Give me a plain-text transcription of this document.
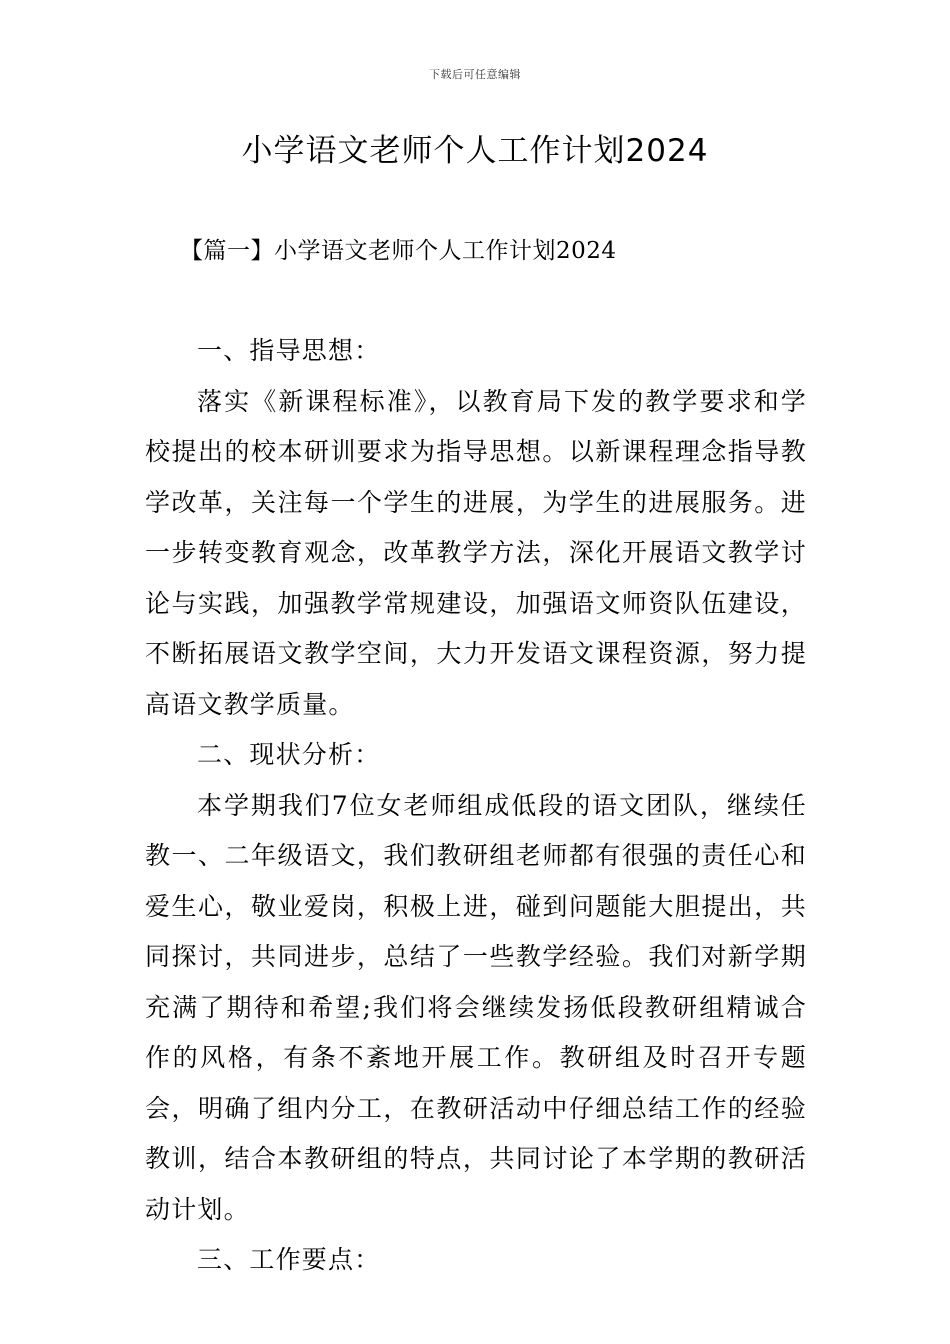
下载后可任意编辑
小学语文老师个人工作计划2024
【篇一】小学语文老师个人工作计划2024

一、指导思想：

落实《新课程标准》，以教育局下发的教学要求和学校提出的校本研训要求为指导思想。以新课程理念指导教学改革，关注每一个学生的进展，为学生的进展服务。进一步转变教育观念，改革教学方法，深化开展语文教学讨论与实践，加强教学常规建设，加强语文师资队伍建设，不断拓展语文教学空间，大力开发语文课程资源，努力提高语文教学质量。

二、现状分析：

本学期我们7位女老师组成低段的语文团队，继续任教一、二年级语文，我们教研组老师都有很强的责任心和爱生心，敬业爱岗，积极上进，碰到问题能大胆提出，共同探讨，共同进步，总结了一些教学经验。我们对新学期充满了期待和希望;我们将会继续发扬低段教研组精诚合作的风格，有条不紊地开展工作。教研组及时召开专题会，明确了组内分工，在教研活动中仔细总结工作的经验教训，结合本教研组的特点，共同讨论了本学期的教研活动计划。

三、工作要点：
